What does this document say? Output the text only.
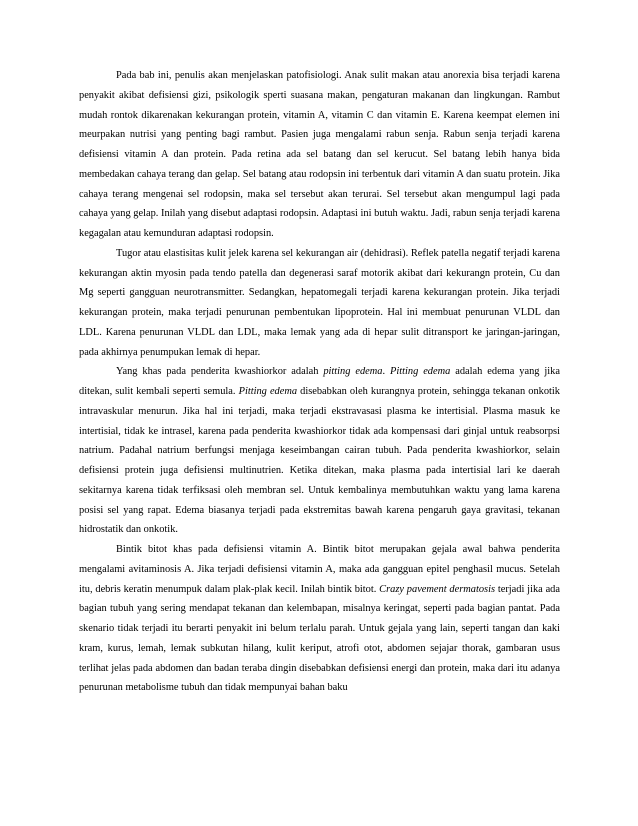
Pada bab ini, penulis akan menjelaskan patofisiologi. Anak sulit makan atau anorexia bisa terjadi karena penyakit akibat defisiensi gizi, psikologik sperti suasana makan, pengaturan makanan dan lingkungan. Rambut mudah rontok dikarenakan kekurangan protein, vitamin A, vitamin C dan vitamin E. Karena keempat elemen ini meurpakan nutrisi yang penting bagi rambut. Pasien juga mengalami rabun senja. Rabun senja terjadi karena defisiensi vitamin A dan protein. Pada retina ada sel batang dan sel kerucut. Sel batang lebih hanya bida membedakan cahaya terang dan gelap. Sel batang atau rodopsin ini terbentuk dari vitamin A dan suatu protein. Jika cahaya terang mengenai sel rodopsin, maka sel tersebut akan terurai. Sel tersebut akan mengumpul lagi pada cahaya yang gelap. Inilah yang disebut adaptasi rodopsin. Adaptasi ini butuh waktu. Jadi, rabun senja terjadi karena kegagalan atau kemunduran adaptasi rodopsin.

Tugor atau elastisitas kulit jelek karena sel kekurangan air (dehidrasi). Reflek patella negatif terjadi karena kekurangan aktin myosin pada tendo patella dan degenerasi saraf motorik akibat dari kekurangn protein, Cu dan Mg seperti gangguan neurotransmitter. Sedangkan, hepatomegali terjadi karena kekurangan protein. Jika terjadi kekurangan protein, maka terjadi penurunan pembentukan lipoprotein. Hal ini membuat penurunan VLDL dan LDL. Karena penurunan VLDL dan LDL, maka lemak yang ada di hepar sulit ditransport ke jaringan-jaringan, pada akhirnya penumpukan lemak di hepar.

Yang khas pada penderita kwashiorkor adalah pitting edema. Pitting edema adalah edema yang jika ditekan, sulit kembali seperti semula. Pitting edema disebabkan oleh kurangnya protein, sehingga tekanan onkotik intravaskular menurun. Jika hal ini terjadi, maka terjadi ekstravasasi plasma ke intertisial. Plasma masuk ke intertisial, tidak ke intrasel, karena pada penderita kwashiorkor tidak ada kompensasi dari ginjal untuk reabsorpsi natrium. Padahal natrium berfungsi menjaga keseimbangan cairan tubuh. Pada penderita kwashiorkor, selain defisiensi protein juga defisiensi multinutrien. Ketika ditekan, maka plasma pada intertisial lari ke daerah sekitarnya karena tidak terfiksasi oleh membran sel. Untuk kembalinya membutuhkan waktu yang lama karena posisi sel yang rapat. Edema biasanya terjadi pada ekstremitas bawah karena pengaruh gaya gravitasi, tekanan hidrostatik dan onkotik.

Bintik bitot khas pada defisiensi vitamin A. Bintik bitot merupakan gejala awal bahwa penderita mengalami avitaminosis A. Jika terjadi defisiensi vitamin A, maka ada gangguan epitel penghasil mucus. Setelah itu, debris keratin menumpuk dalam plak-plak kecil. Inilah bintik bitot. Crazy pavement dermatosis terjadi jika ada bagian tubuh yang sering mendapat tekanan dan kelembapan, misalnya keringat, seperti pada bagian pantat. Pada skenario tidak terjadi itu berarti penyakit ini belum terlalu parah. Untuk gejala yang lain, seperti tangan dan kaki kram, kurus, lemah, lemak subkutan hilang, kulit keriput, atrofi otot, abdomen sejajar thorak, gambaran usus terlihat jelas pada abdomen dan badan teraba dingin disebabkan defisiensi energi dan protein, maka dari itu adanya penurunan metabolisme tubuh dan tidak mempunyai bahan baku
